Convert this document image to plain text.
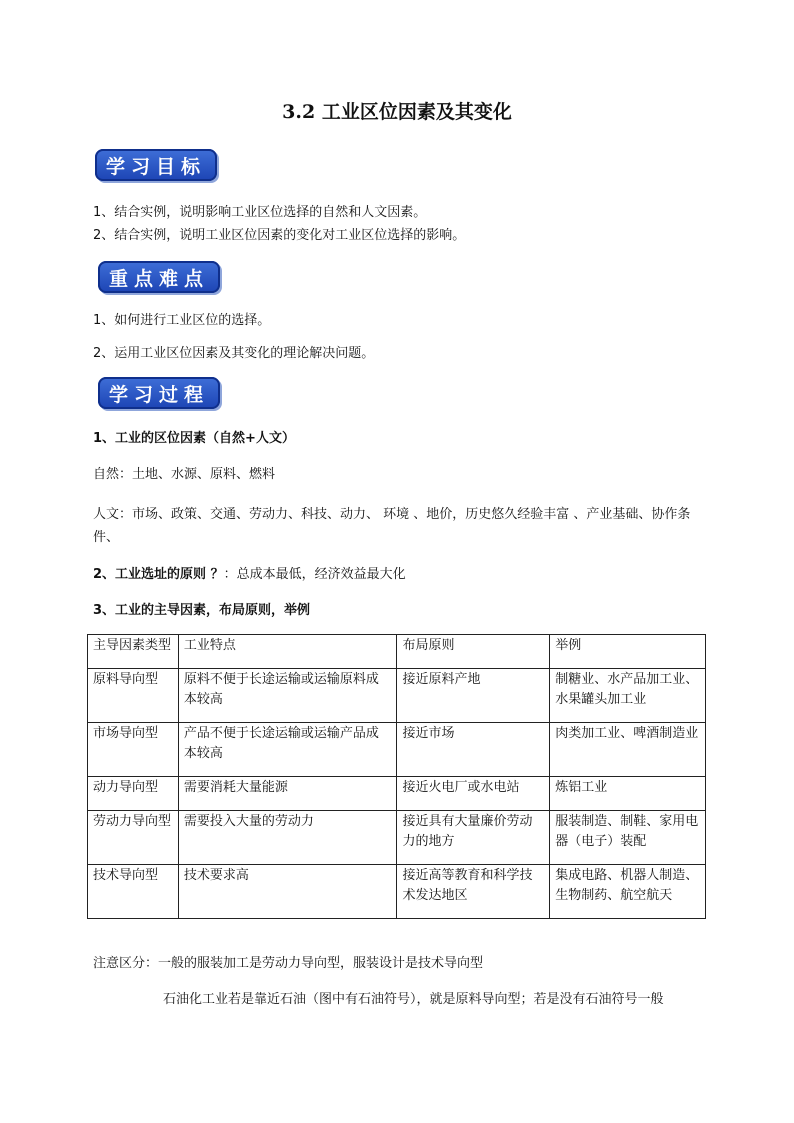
3.2 工业区位因素及其变化
学习目标
1、结合实例，说明影响工业区位选择的自然和人文因素。
2、结合实例，说明工业区位因素的变化对工业区位选择的影响。
重点难点
1、如何进行工业区位的选择。
2、运用工业区位因素及其变化的理论解决问题。
学习过程
1、工业的区位因素（自然+人文）
自然：土地、水源、原料、燃料
人文：市场、政策、交通、劳动力、科技、动力、 环境 、地价，历史悠久经验丰富 、产业基础、协作条件、
2、工业选址的原则 ？：总成本最低，经济效益最大化
3、工业的主导因素，布局原则，举例
主导因素类型	工业特点	布局原则	举例
原料导向型	原料不便于长途运输或运输原料成本较高	接近原料产地	制糖业、水产品加工业、水果罐头加工业
市场导向型	产品不便于长途运输或运输产品成本较高	接近市场	肉类加工业、啤酒制造业
动力导向型	需要消耗大量能源	接近火电厂或水电站	炼铝工业
劳动力导向型	需要投入大量的劳动力	接近具有大量廉价劳动力的地方	服装制造、制鞋、家用电器（电子）装配
技术导向型	技术要求高	接近高等教育和科学技术发达地区	集成电路、机器人制造、生物制药、航空航天
注意区分：一般的服装加工是劳动力导向型，服装设计是技术导向型
石油化工业若是靠近石油（图中有石油符号），就是原料导向型；若是没有石油符号一般
